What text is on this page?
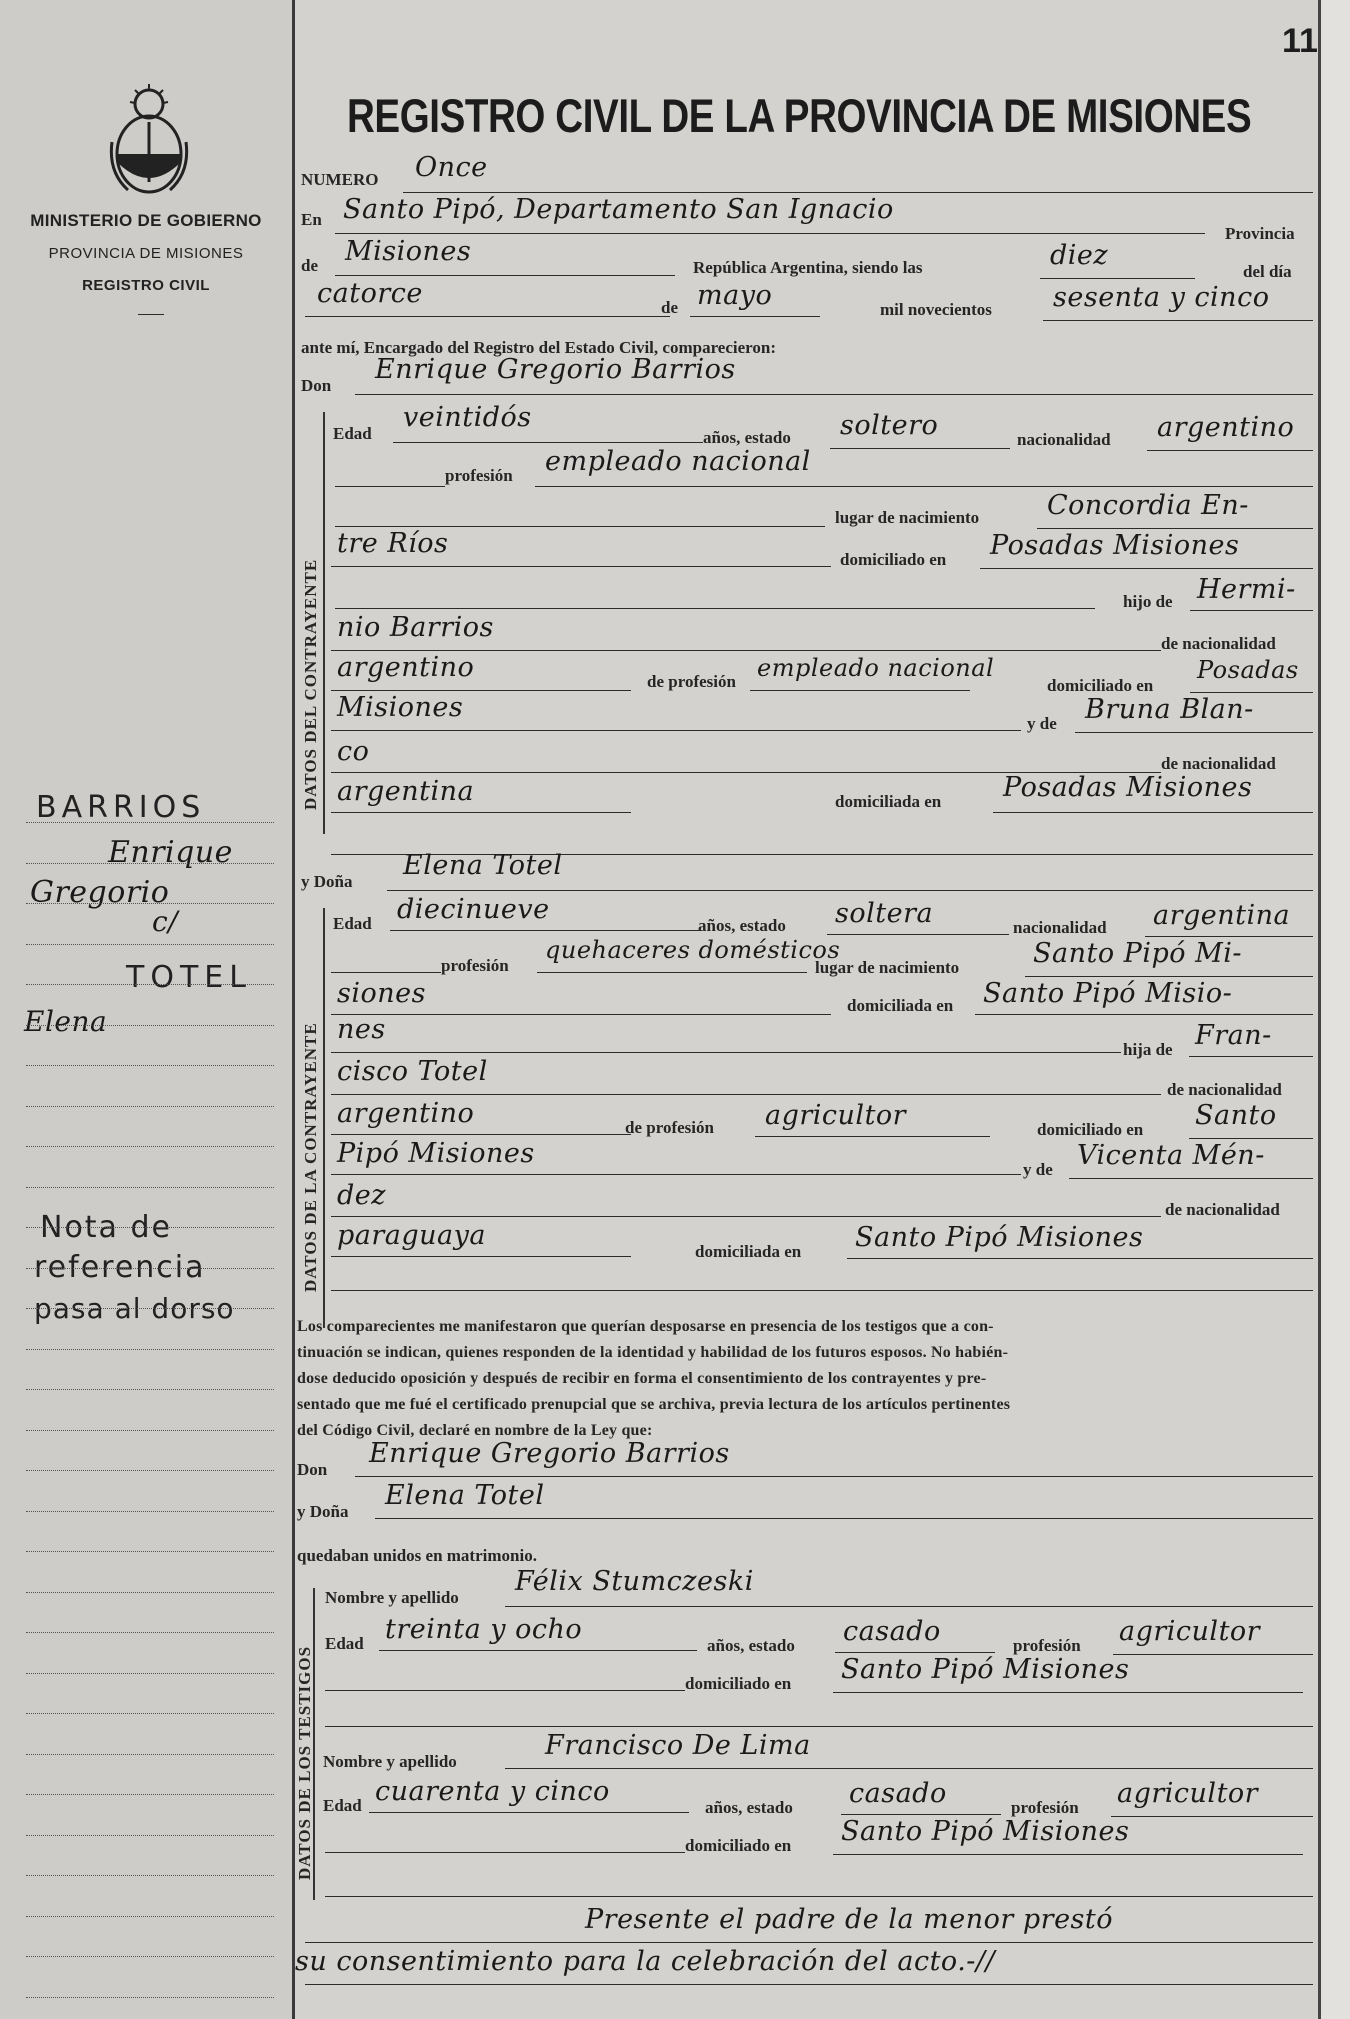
MINISTERIO DE GOBIERNO
PROVINCIA DE MISIONES
REGISTRO CIVIL
BARRIOS
Enrique
Gregorio
c/
TOTEL
Elena
Nota de
referencia
pasa al dorso
11
REGISTRO CIVIL DE LA PROVINCIA DE MISIONES
NUMERO Once
En Santo Pipó, Departamento San Ignacio
Provincia
de Misiones
República Argentina, siendo las	diez
del día
catorce	de mayo	mil novecientos sesenta y cinco
ante mí, Encargado del Registro del Estado Civil, comparecieron:
Don
Enrique Gregorio Barrios
DATOS DEL CONTRAYENTE
Edad
veintidós
años, estado soltero	nacionalidad argentino
profesión empleado nacional
lugar de nacimiento	Concordia En-
tre Ríos
domiciliado en Posadas Misiones
hijo de Hermi-
nio Barrios
de nacionalidad
argentino	de profesión empleado nacional
domiciliado en
Posadas
Misiones
y de Bruna Blan-
co	de nacionalidad
argentina	domiciliada en Posadas Misiones
y Doña
Elena Totel
DATOS DE LA CONTRAYENTE
Edad diecinueve
años, estado soltera	nacionalidad argentina
profesión
quehaceres domésticos
lugar de nacimiento	Santo Pipó Mi-
siones	domiciliada en Santo Pipó Misio-
nes
hija de Fran-
cisco Totel
de nacionalidad
argentino	de profesión agricultor	domiciliado en Santo
Pipó Misiones
y de Vicenta Mén-
dez	de nacionalidad
paraguaya
domiciliada en Santo Pipó Misiones
Los comparecientes me manifestaron que querían desposarse en presencia de los testigos que a con-
tinuación se indican, quienes responden de la identidad y habilidad de los futuros esposos. No habién-
dose deducido oposición y después de recibir en forma el consentimiento de los contrayentes y pre-
sentado que me fué el certificado prenupcial que se archiva, previa lectura de los artículos pertinentes
del Código Civil, declaré en nombre de la Ley que:
Don
Enrique Gregorio Barrios
y Doña
Elena Totel
quedaban unidos en matrimonio.
DATOS DE LOS TESTIGOS
Nombre y apellido
Félix Stumczeski
Edad treinta y ocho
años, estado casado	profesión agricultor
domiciliado en Santo Pipó Misiones
Nombre y apellido
Francisco De Lima
Edad cuarenta y cinco
años, estado casado	profesión agricultor
domiciliado en Santo Pipó Misiones
Presente el padre de la menor prestó
su consentimiento para la celebración del acto.-//
